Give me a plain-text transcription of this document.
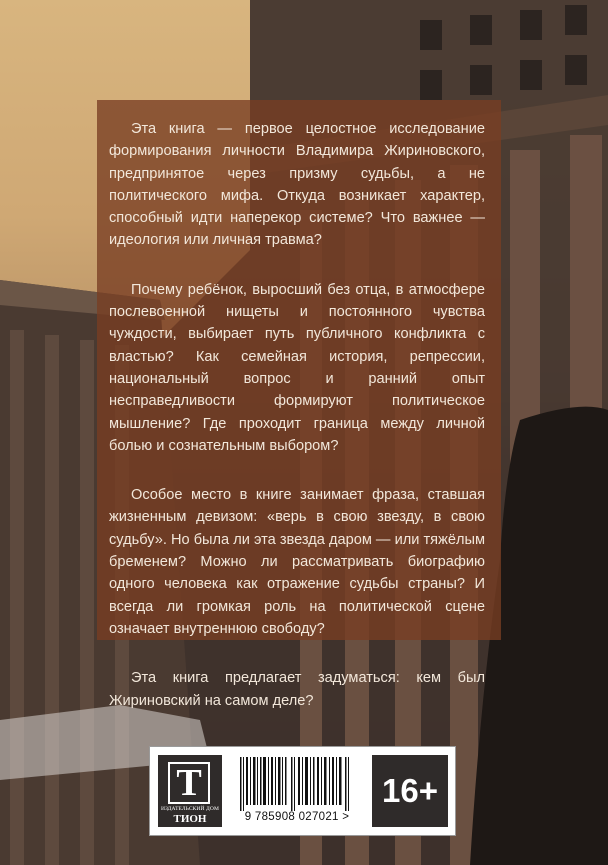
Эта книга — первое целостное исследование формирования личности Владимира Жириновского, предпринятое через призму судьбы, а не политического мифа. Откуда возникает характер, способный идти наперекор системе? Что важнее — идеология или личная травма?

Почему ребёнок, выросший без отца, в атмосфере послевоенной нищеты и постоянного чувства чуждости, выбирает путь публичного конфликта с властью? Как семейная история, репрессии, национальный вопрос и ранний опыт несправедливости формируют политическое мышление? Где проходит граница между личной болью и сознательным выбором?

Особое место в книге занимает фраза, ставшая жизненным девизом: «верь в свою звезду, в свою судьбу». Но была ли эта звезда даром — или тяжёлым бременем? Можно ли рассматривать биографию одного человека как отражение судьбы страны? И всегда ли громкая роль на политической сцене означает внутреннюю свободу?

Эта книга предлагает задуматься: кем был Жириновский на самом деле?

Т
ИЗДАТЕЛЬСКИЙ ДОМ
ТИОН	9 785908 027021 >
16+
